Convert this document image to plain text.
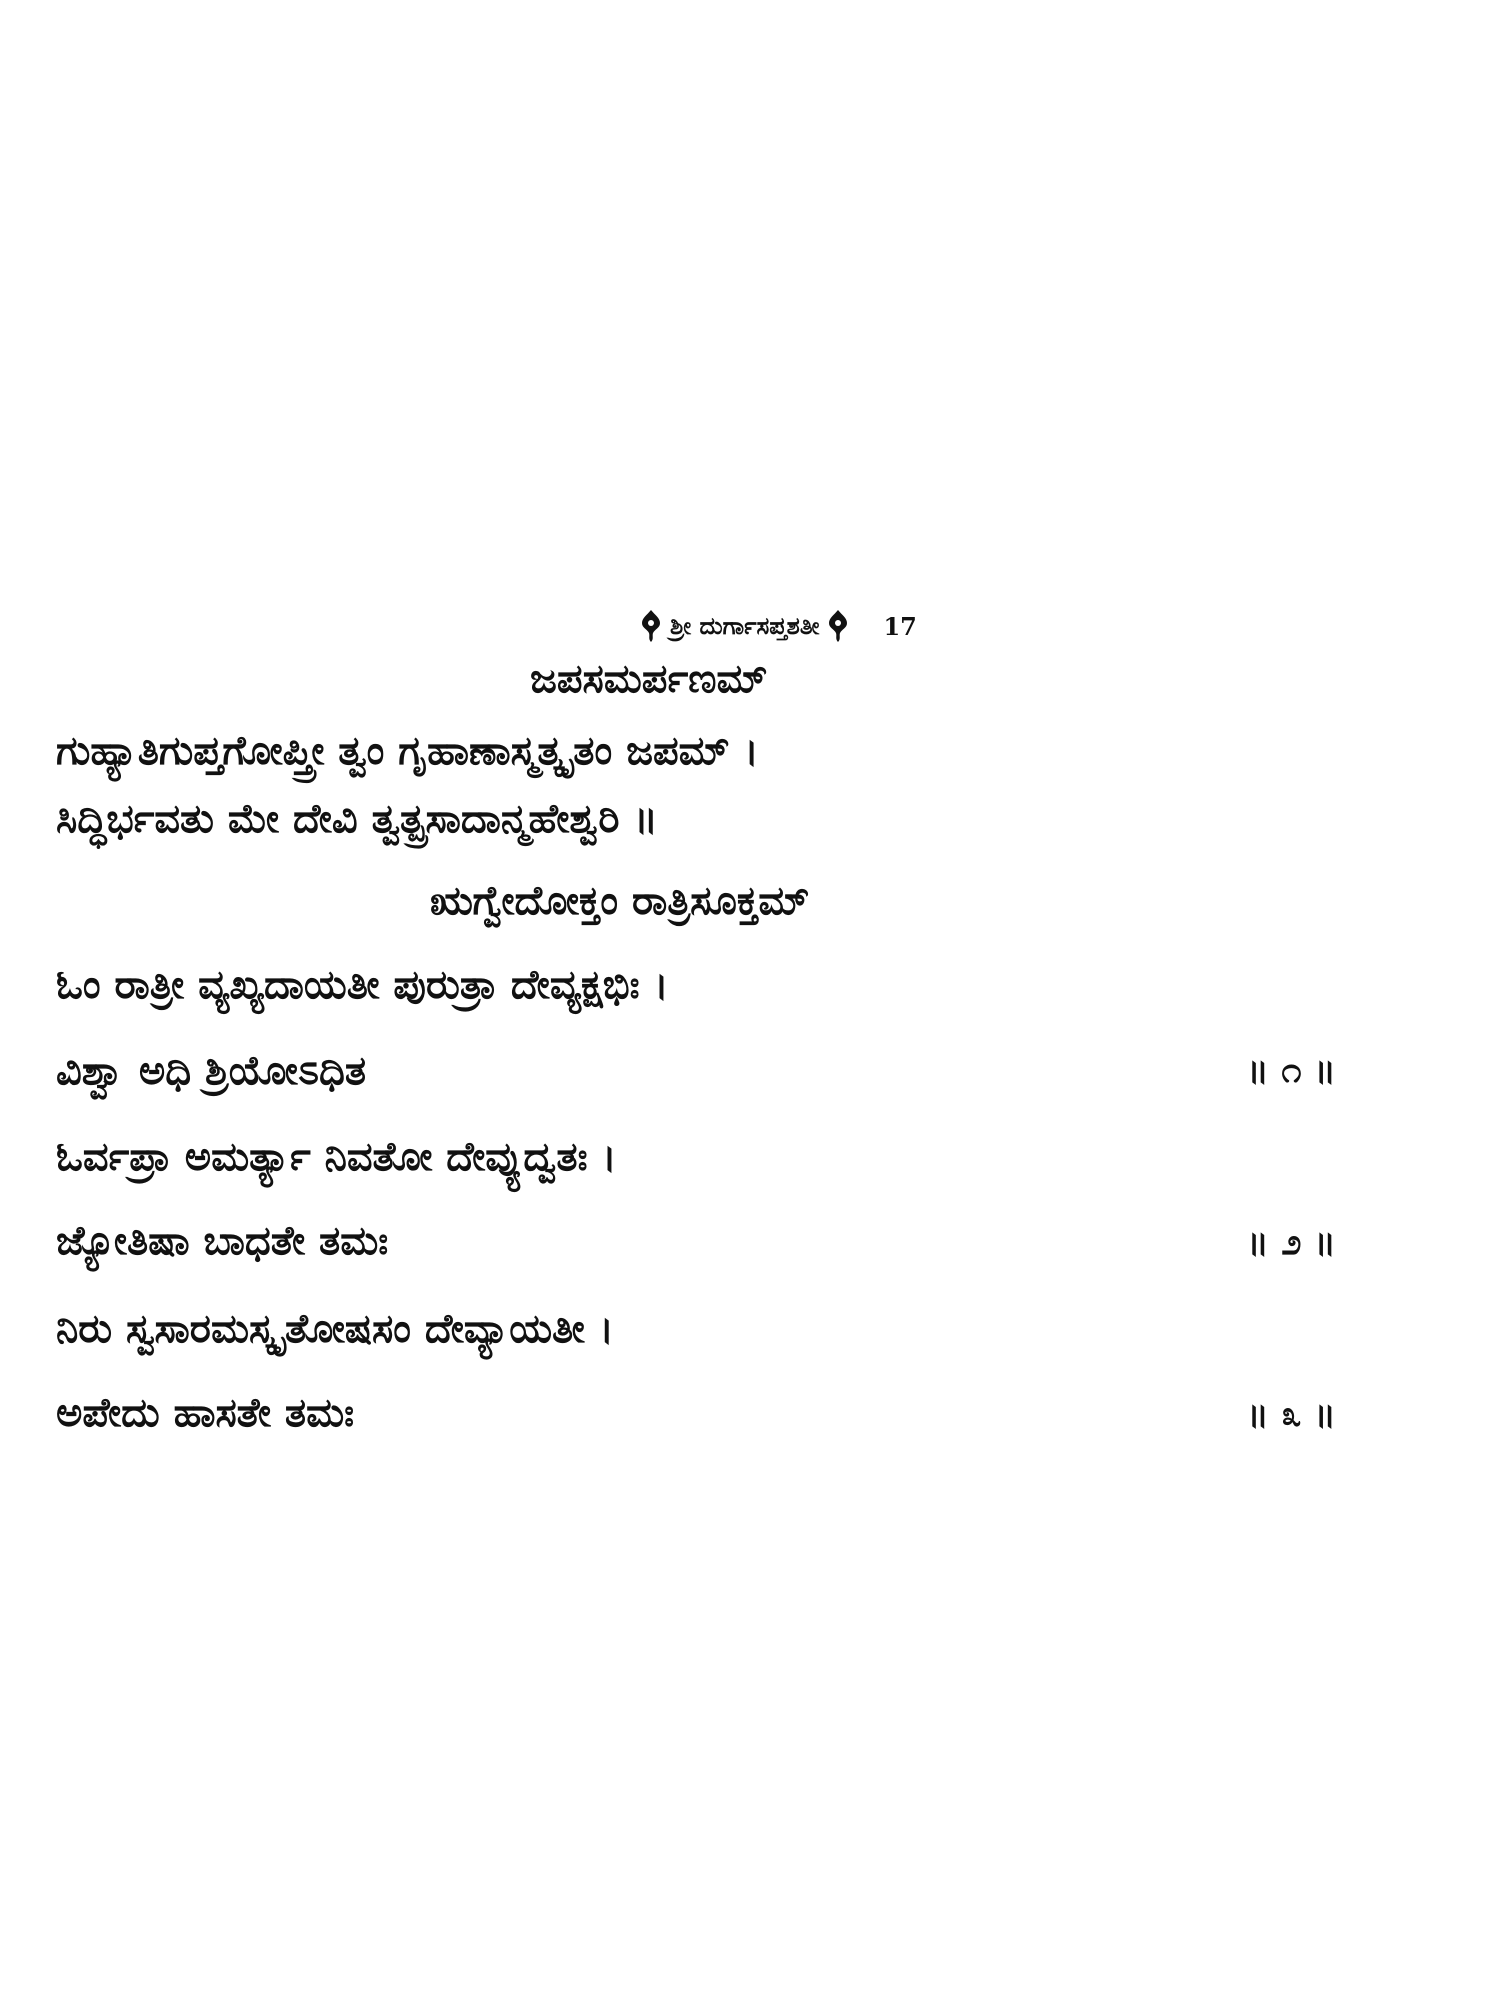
ಶ್ರೀ ದುರ್ಗಾಸಪ್ತಶತೀ	17
ಜಪಸಮರ್ಪಣಮ್
ಗುಹ್ಯಾತಿಗುಪ್ತಗೋಪ್ತ್ರೀ ತ್ವಂ ಗೃಹಾಣಾಸ್ಮತ್ಕೃತಂ ಜಪಮ್ ।
ಸಿದ್ಧಿರ್ಭವತು ಮೇ ದೇವಿ ತ್ವತ್ಪ್ರಸಾದಾನ್ಮಹೇಶ್ವರಿ ॥
ಋಗ್ವೇದೋಕ್ತಂ ರಾತ್ರಿಸೂಕ್ತಮ್
ಓಂ ರಾತ್ರೀ ವ್ಯಖ್ಯದಾಯತೀ ಪುರುತ್ರಾ ದೇವ್ಯಕ್ಷಭಿಃ ।
ವಿಶ್ವಾ ಅಧಿ ಶ್ರಿಯೋಽಧಿತ	॥ ೧ ॥
ಓರ್ವಪ್ರಾ ಅಮರ್ತ್ಯಾ ನಿವತೋ ದೇವ್ಯುದ್ವತಃ ।
ಜ್ಯೋತಿಷಾ ಬಾಧತೇ ತಮಃ	॥ ೨ ॥
ನಿರು ಸ್ವಸಾರಮಸ್ಕೃತೋಷಸಂ ದೇವ್ಯಾಯತೀ ।
ಅಪೇದು ಹಾಸತೇ ತಮಃ	॥ ೩ ॥
